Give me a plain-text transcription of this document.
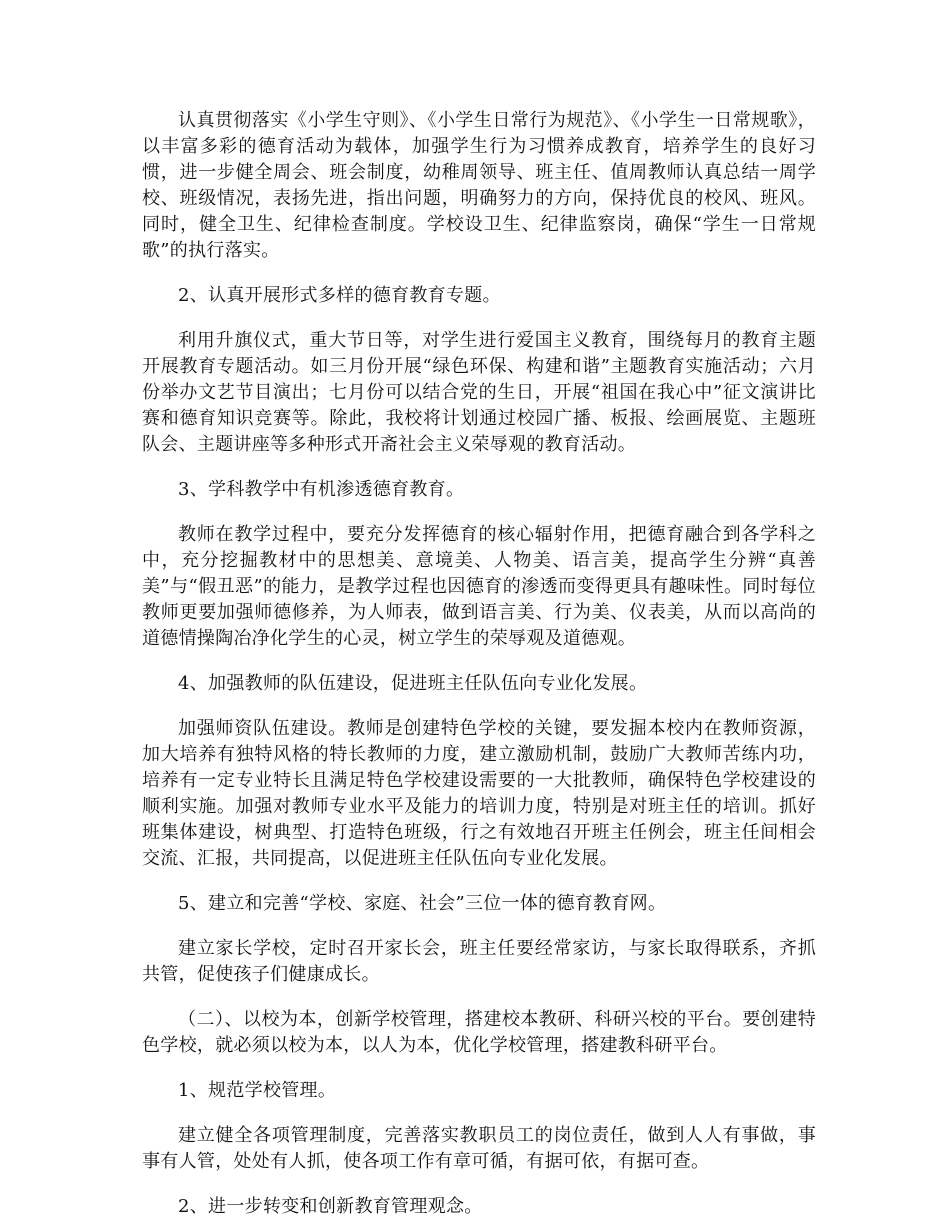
认真贯彻落实《小学生守则》、《小学生日常行为规范》、《小学生一日常规歌》，以丰富多彩的德育活动为载体，加强学生行为习惯养成教育，培养学生的良好习惯，进一步健全周会、班会制度，幼稚周领导、班主任、值周教师认真总结一周学校、班级情况，表扬先进，指出问题，明确努力的方向，保持优良的校风、班风。同时，健全卫生、纪律检查制度。学校设卫生、纪律监察岗，确保“学生一日常规歌”的执行落实。

2、认真开展形式多样的德育教育专题。

利用升旗仪式，重大节日等，对学生进行爱国主义教育，围绕每月的教育主题开展教育专题活动。如三月份开展“绿色环保、构建和谐”主题教育实施活动；六月份举办文艺节目演出；七月份可以结合党的生日，开展“祖国在我心中”征文演讲比赛和德育知识竞赛等。除此，我校将计划通过校园广播、板报、绘画展览、主题班队会、主题讲座等多种形式开斋社会主义荣辱观的教育活动。

3、学科教学中有机渗透德育教育。

教师在教学过程中，要充分发挥德育的核心辐射作用，把德育融合到各学科之中，充分挖掘教材中的思想美、意境美、人物美、语言美，提高学生分辨“真善美”与“假丑恶”的能力，是教学过程也因德育的渗透而变得更具有趣味性。同时每位教师更要加强师德修养，为人师表，做到语言美、行为美、仪表美，从而以高尚的道德情操陶冶净化学生的心灵，树立学生的荣辱观及道德观。

4、加强教师的队伍建设，促进班主任队伍向专业化发展。

加强师资队伍建设。教师是创建特色学校的关键，要发掘本校内在教师资源，加大培养有独特风格的特长教师的力度，建立激励机制，鼓励广大教师苦练内功，培养有一定专业特长且满足特色学校建设需要的一大批教师，确保特色学校建设的顺利实施。加强对教师专业水平及能力的培训力度，特别是对班主任的培训。抓好班集体建设，树典型、打造特色班级，行之有效地召开班主任例会，班主任间相会交流、汇报，共同提高，以促进班主任队伍向专业化发展。

5、建立和完善“学校、家庭、社会”三位一体的德育教育网。

建立家长学校，定时召开家长会，班主任要经常家访，与家长取得联系，齐抓共管，促使孩子们健康成长。

（二）、以校为本，创新学校管理，搭建校本教研、科研兴校的平台。要创建特色学校，就必须以校为本，以人为本，优化学校管理，搭建教科研平台。

1、规范学校管理。

建立健全各项管理制度，完善落实教职员工的岗位责任，做到人人有事做，事事有人管，处处有人抓，使各项工作有章可循，有据可依，有据可查。

2、进一步转变和创新教育管理观念。
